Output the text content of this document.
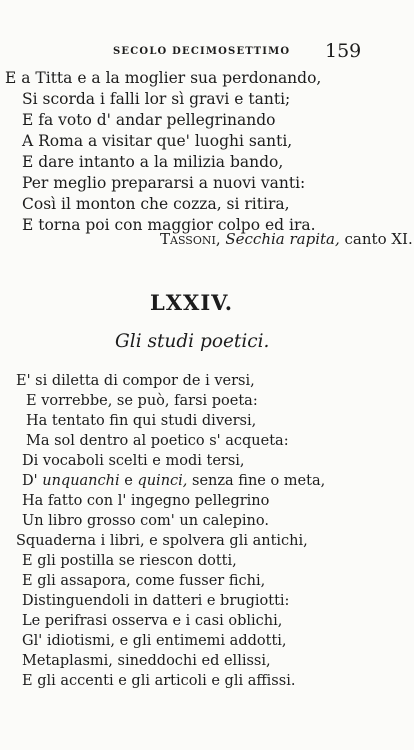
SECOLO DECIMOSETTIMO 159
E a Titta e a la moglier sua perdonando,
Si scorda i falli lor sì gravi e tanti;
E fa voto d' andar pellegrinando
A Roma a visitar que' luoghi santi,
E dare intanto a la milizia bando,
Per meglio prepararsi a nuovi vanti:
Così il monton che cozza, si ritira,
E torna poi con maggior colpo ed ira.
Tassoni, Secchia rapita, canto XI.
LXXIV.
Gli studi poetici.
E' si diletta di compor de i versi,
E vorrebbe, se può, farsi poeta:
Ha tentato fin qui studi diversi,
Ma sol dentro al poetico s' acqueta:
Di vocaboli scelti e modi tersi,
D' unquanchi e quinci, senza fine o meta,
Ha fatto con l' ingegno pellegrino
Un libro grosso com' un calepino.
Squaderna i libri, e spolvera gli antichi,
E gli postilla se riescon dotti,
E gli assapora, come fusser fichi,
Distinguendoli in datteri e brugiotti:
Le perifrasi osserva e i casi oblichi,
Gl' idiotismi, e gli entimemi addotti,
Metaplasmi, sineddochi ed ellissi,
E gli accenti e gli articoli e gli affissi.
